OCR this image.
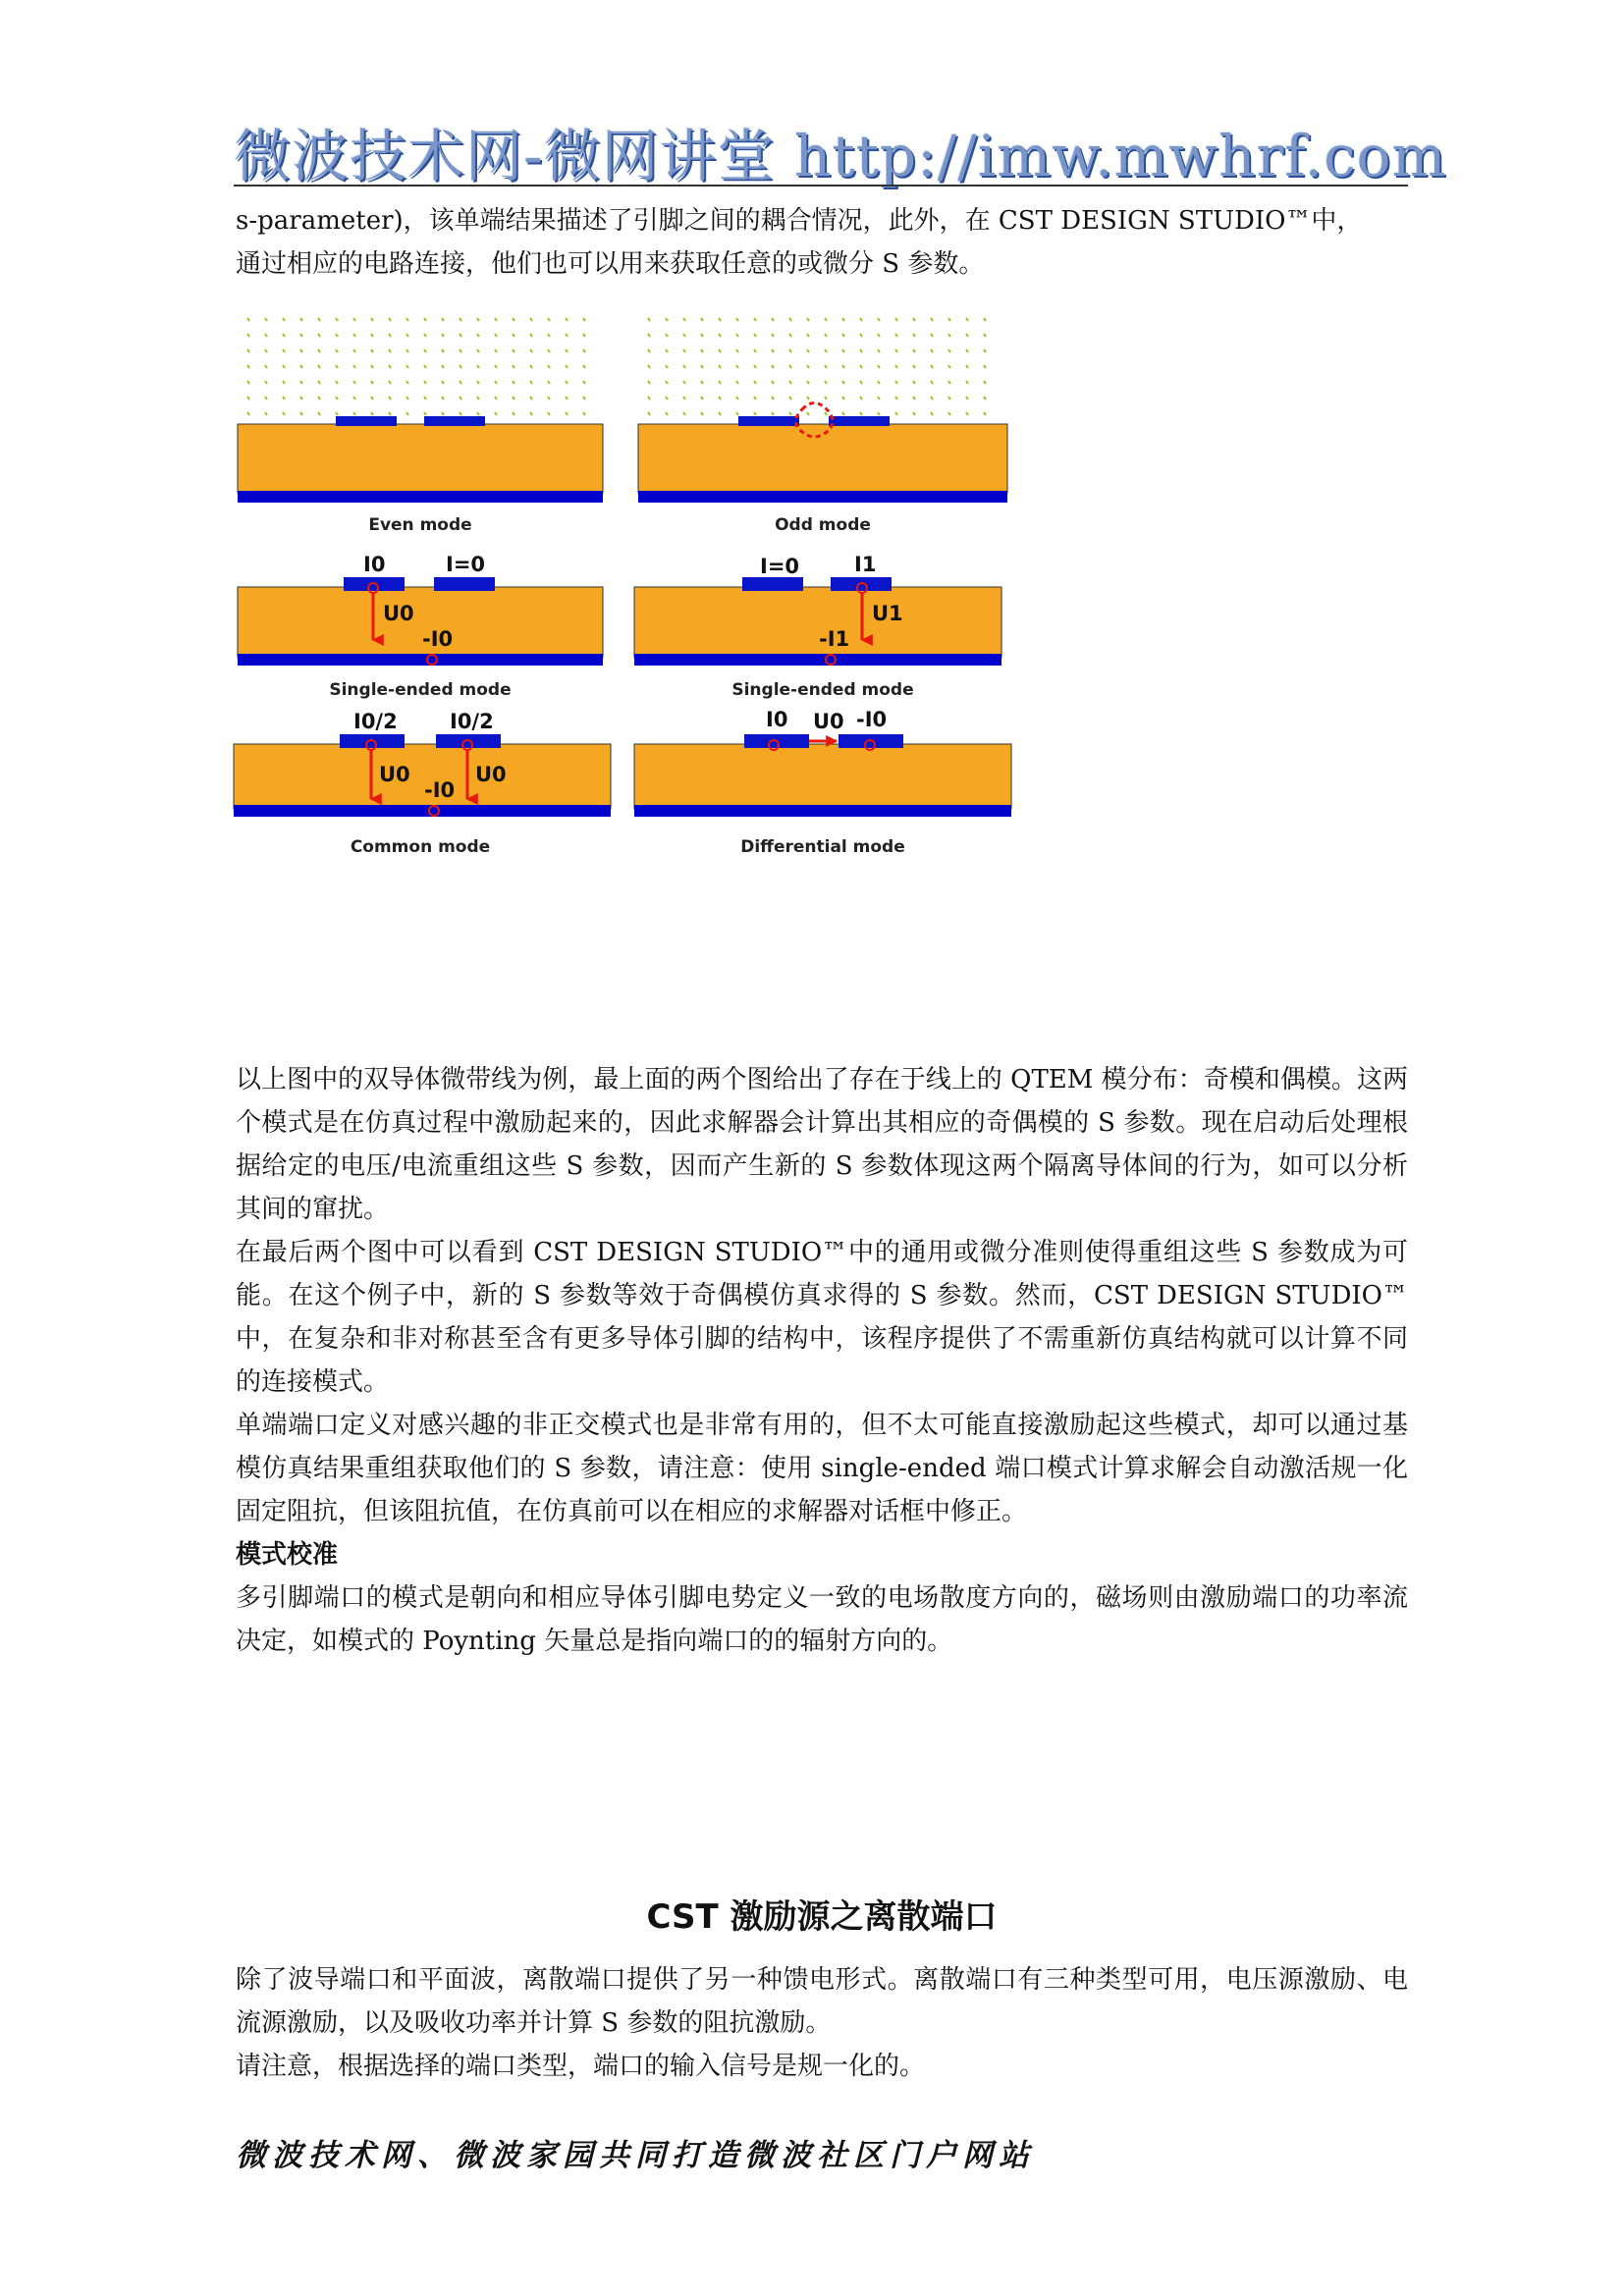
微波技术网-微网讲堂 http://imw.mwhrf.com

s-parameter)，该单端结果描述了引脚之间的耦合情况，此外，在 CST DESIGN STUDIO™中，

通过相应的电路连接，他们也可以用来获取任意的或微分 S 参数。

Even mode	Odd mode
I0	I=0
U0
-I0
Single-ended mode
I=0	I1
U1
-I1
Single-ended mode
I0/2	I0/2
U0	U0
-I0
Common mode
I0 U0 -I0
Differential mode

以上图中的双导体微带线为例，最上面的两个图给出了存在于线上的 QTEM 模分布：奇模和偶模。这两个模式是在仿真过程中激励起来的，因此求解器会计算出其相应的奇偶模的 S 参数。现在启动后处理根据给定的电压/电流重组这些 S 参数，因而产生新的 S 参数体现这两个隔离导体间的行为，如可以分析其间的窜扰。

在最后两个图中可以看到 CST DESIGN STUDIO™中的通用或微分准则使得重组这些 S 参数成为可能。在这个例子中，新的 S 参数等效于奇偶模仿真求得的 S 参数。然而，CST DESIGN STUDIO™中，在复杂和非对称甚至含有更多导体引脚的结构中，该程序提供了不需重新仿真结构就可以计算不同的连接模式。

单端端口定义对感兴趣的非正交模式也是非常有用的，但不太可能直接激励起这些模式，却可以通过基模仿真结果重组获取他们的 S 参数，请注意：使用 single-ended 端口模式计算求解会自动激活规一化固定阻抗，但该阻抗值，在仿真前可以在相应的求解器对话框中修正。

模式校准

多引脚端口的模式是朝向和相应导体引脚电势定义一致的电场散度方向的，磁场则由激励端口的功率流决定，如模式的 Poynting 矢量总是指向端口的的辐射方向的。

CST 激励源之离散端口

除了波导端口和平面波，离散端口提供了另一种馈电形式。离散端口有三种类型可用，电压源激励、电流源激励，以及吸收功率并计算 S 参数的阻抗激励。

请注意，根据选择的端口类型，端口的输入信号是规一化的。

微波技术网、微波家园共同打造微波社区门户网站
